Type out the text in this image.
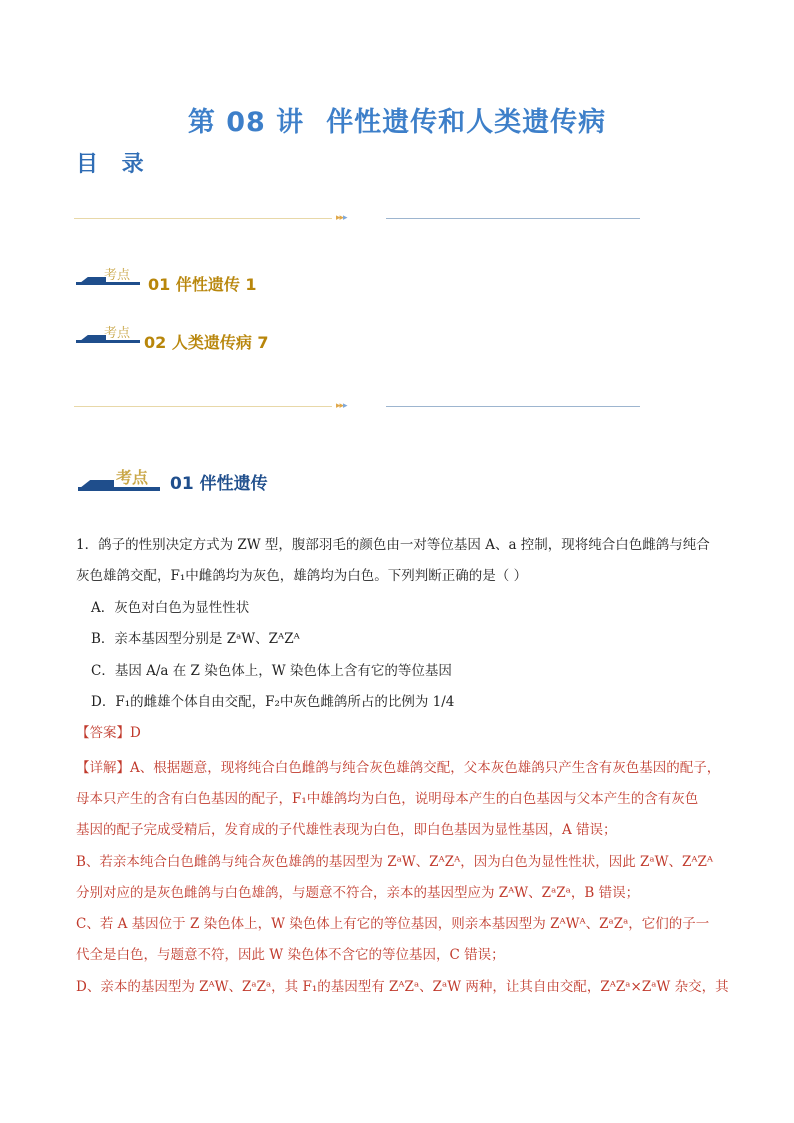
第 08 讲 伴性遗传和人类遗传病
目 录
▸▸▸
考点 01 伴性遗传 1
考点 02 人类遗传病 7
▸▸▸
考点 01 伴性遗传
1．鸽子的性别决定方式为 ZW 型，腹部羽毛的颜色由一对等位基因 A、a 控制，现将纯合白色雌鸽与纯合
灰色雄鸽交配，F₁中雌鸽均为灰色，雄鸽均为白色。下列判断正确的是（ ）
A．灰色对白色为显性性状
B．亲本基因型分别是 ZᵃW、ZᴬZᴬ
C．基因 A/a 在 Z 染色体上，W 染色体上含有它的等位基因
D．F₁的雌雄个体自由交配，F₂中灰色雌鸽所占的比例为 1/4
【答案】D
【详解】A、根据题意，现将纯合白色雌鸽与纯合灰色雄鸽交配，父本灰色雄鸽只产生含有灰色基因的配子，
母本只产生的含有白色基因的配子，F₁中雄鸽均为白色，说明母本产生的白色基因与父本产生的含有灰色
基因的配子完成受精后，发育成的子代雄性表现为白色，即白色基因为显性基因，A 错误；
B、若亲本纯合白色雌鸽与纯合灰色雄鸽的基因型为 ZᵃW、ZᴬZᴬ，因为白色为显性性状，因此 ZᵃW、ZᴬZᴬ
分别对应的是灰色雌鸽与白色雄鸽，与题意不符合，亲本的基因型应为 ZᴬW、ZᵃZᵃ，B 错误；
C、若 A 基因位于 Z 染色体上，W 染色体上有它的等位基因，则亲本基因型为 ZᴬWᴬ、ZᵃZᵃ，它们的子一
代全是白色，与题意不符，因此 W 染色体不含它的等位基因，C 错误；
D、亲本的基因型为 ZᴬW、ZᵃZᵃ，其 F₁的基因型有 ZᴬZᵃ、ZᵃW 两种，让其自由交配，ZᴬZᵃ×ZᵃW 杂交，其
